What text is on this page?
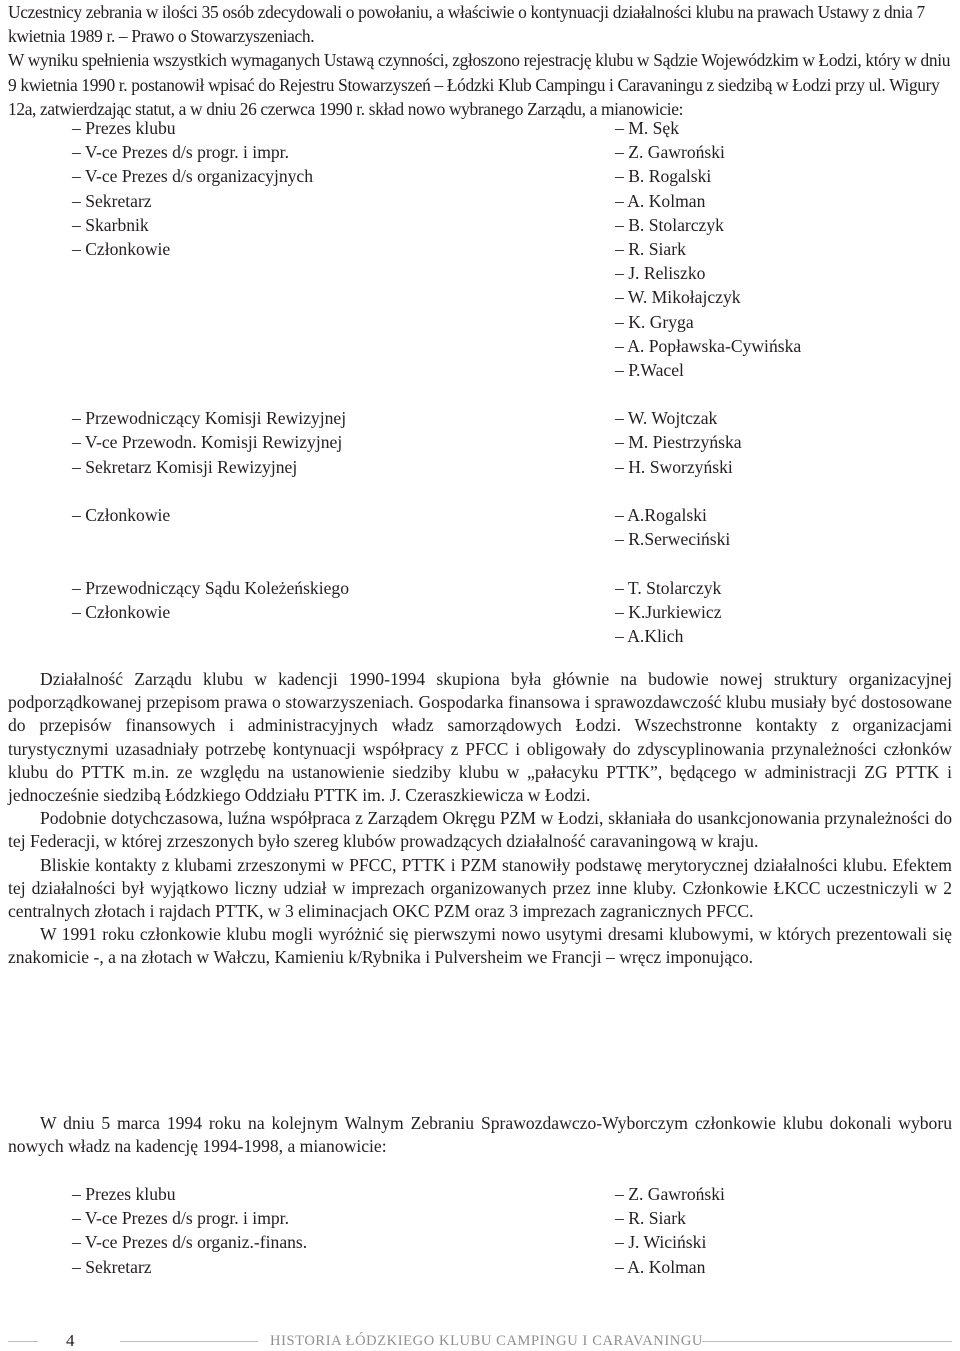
Uczestnicy zebrania w ilości 35 osób zdecydowali o powołaniu, a właściwie o kontynuacji działalności klubu na prawach Ustawy z dnia 7 kwietnia 1989 r. – Prawo o Stowarzyszeniach.

W wyniku spełnienia wszystkich wymaganych Ustawą czynności, zgłoszono rejestrację klubu w Sądzie Wojewódzkim w Łodzi, który w dniu 9 kwietnia 1990 r. postanowił wpisać do Rejestru Stowarzyszeń – Łódzki Klub Campingu i Caravaningu z siedzibą w Łodzi przy ul. Wigury 12a, zatwierdzając statut, a w dniu 26 czerwca 1990 r. skład nowo wybranego Zarządu, a mianowicie:

– Prezes klubu	– M. Sęk
– V-ce Prezes d/s progr. i impr.	– Z. Gawroński
– V-ce Prezes d/s organizacyjnych	– B. Rogalski
– Sekretarz	– A. Kolman
– Skarbnik	– B. Stolarczyk
– Członkowie	– R. Siark
– J. Reliszko
– W. Mikołajczyk
– K. Gryga
– A. Popławska-Cywińska
– P.Wacel
– Przewodniczący Komisji Rewizyjnej	– W. Wojtczak
– V-ce Przewodn. Komisji Rewizyjnej	– M. Piestrzyńska
– Sekretarz Komisji Rewizyjnej	– H. Sworzyński
– Członkowie	– A.Rogalski
– R.Serweciński
– Przewodniczący Sądu Koleżeńskiego	– T. Stolarczyk
– Członkowie	– K.Jurkiewicz
– A.Klich

Działalność Zarządu klubu w kadencji 1990-1994 skupiona była głównie na budowie nowej struktury organizacyjnej podporządkowanej przepisom prawa o stowarzyszeniach. Gospodarka finansowa i sprawozdawczość klubu musiały być dostosowane do przepisów finansowych i administracyjnych władz samorządowych Łodzi. Wszechstronne kontakty z organizacjami turystycznymi uzasadniały potrzebę kontynuacji współpracy z PFCC i obligowały do zdyscyplinowania przynależności członków klubu do PTTK m.in. ze względu na ustanowienie siedziby klubu w „pałacyku PTTK”, będącego w administracji ZG PTTK i jednocześnie siedzibą Łódzkiego Oddziału PTTK im. J. Czeraszkiewicza w Łodzi.

Podobnie dotychczasowa, luźna współpraca z Zarządem Okręgu PZM w Łodzi, skłaniała do usankcjonowania przynależności do tej Federacji, w której zrzeszonych było szereg klubów prowadzących działalność caravaningową w kraju.

Bliskie kontakty z klubami zrzeszonymi w PFCC, PTTK i PZM stanowiły podstawę merytorycznej działalności klubu. Efektem tej działalności był wyjątkowo liczny udział w imprezach organizowanych przez inne kluby. Członkowie ŁKCC uczestniczyli w 2 centralnych złotach i rajdach PTTK, w 3 eliminacjach OKC PZM oraz 3 imprezach zagranicznych PFCC.

W 1991 roku członkowie klubu mogli wyróżnić się pierwszymi nowo usytymi dresami klubowymi, w których prezentowali się znakomicie -, a na złotach w Wałczu, Kamieniu k/Rybnika i Pulversheim we Francji – wręcz imponująco.

W dniu 5 marca 1994 roku na kolejnym Walnym Zebraniu Sprawozdawczo-Wyborczym członkowie klubu dokonali wyboru nowych władz na kadencję 1994-1998, a mianowicie:

– Prezes klubu	– Z. Gawroński
– V-ce Prezes d/s progr. i impr.	– R. Siark
– V-ce Prezes d/s organiz.-finans.	– J. Wiciński
– Sekretarz	– A. Kolman
4	HISTORIA ŁÓDZKIEGO KLUBU CAMPINGU I CARAVANINGU
